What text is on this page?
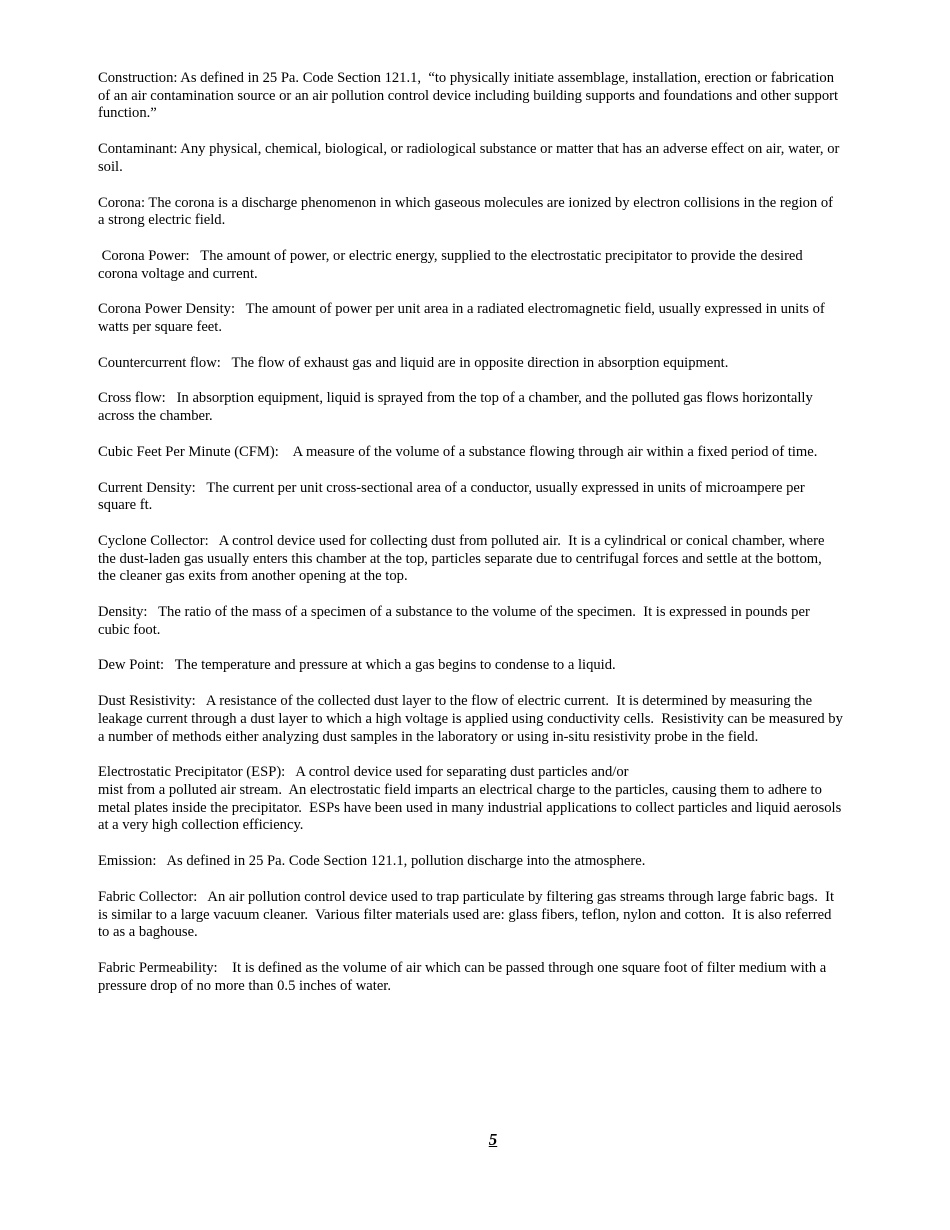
Construction: As defined in 25 Pa. Code Section 121.1,  “to physically initiate assemblage, installation, erection or fabrication of an air contamination source or an air pollution control device including building supports and foundations and other support function.”

Contaminant: Any physical, chemical, biological, or radiological substance or matter that has an adverse effect on air, water, or soil.

Corona: The corona is a discharge phenomenon in which gaseous molecules are ionized by electron collisions in the region of a strong electric field.

Corona Power:   The amount of power, or electric energy, supplied to the electrostatic precipitator to provide the desired corona voltage and current.

Corona Power Density:   The amount of power per unit area in a radiated electromagnetic field, usually expressed in units of watts per square feet.

Countercurrent flow:   The flow of exhaust gas and liquid are in opposite direction in absorption equipment.

Cross flow:   In absorption equipment, liquid is sprayed from the top of a chamber, and the polluted gas flows horizontally across the chamber.

Cubic Feet Per Minute (CFM):    A measure of the volume of a substance flowing through air within a fixed period of time.

Current Density:   The current per unit cross-sectional area of a conductor, usually expressed in units of microampere per square ft.

Cyclone Collector:   A control device used for collecting dust from polluted air.  It is a cylindrical or conical chamber, where the dust-laden gas usually enters this chamber at the top, particles separate due to centrifugal forces and settle at the bottom, the cleaner gas exits from another opening at the top.

Density:   The ratio of the mass of a specimen of a substance to the volume of the specimen.  It is expressed in pounds per cubic foot.

Dew Point:   The temperature and pressure at which a gas begins to condense to a liquid.

Dust Resistivity:   A resistance of the collected dust layer to the flow of electric current.  It is determined by measuring the leakage current through a dust layer to which a high voltage is applied using conductivity cells.  Resistivity can be measured by a number of methods either analyzing dust samples in the laboratory or using in-situ resistivity probe in the field.

Electrostatic Precipitator (ESP):   A control device used for separating dust particles and/or
mist from a polluted air stream.  An electrostatic field imparts an electrical charge to the particles, causing them to adhere to metal plates inside the precipitator.  ESPs have been used in many industrial applications to collect particles and liquid aerosols at a very high collection efficiency.

Emission:   As defined in 25 Pa. Code Section 121.1, pollution discharge into the atmosphere.

Fabric Collector:   An air pollution control device used to trap particulate by filtering gas streams through large fabric bags.  It is similar to a large vacuum cleaner.  Various filter materials used are: glass fibers, teflon, nylon and cotton.  It is also referred to as a baghouse.

Fabric Permeability:    It is defined as the volume of air which can be passed through one square foot of filter medium with a pressure drop of no more than 0.5 inches of water.

5
